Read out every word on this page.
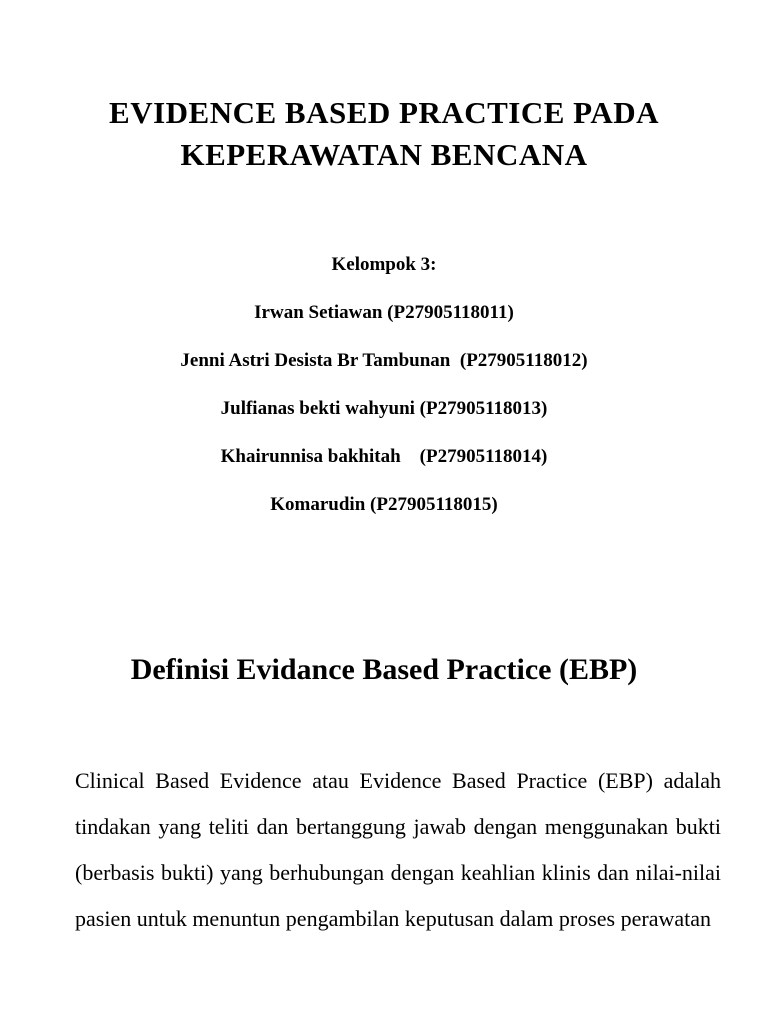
EVIDENCE BASED PRACTICE PADA
KEPERAWATAN BENCANA
Kelompok 3:
Irwan Setiawan (P27905118011)
Jenni Astri Desista Br Tambunan  (P27905118012)
Julfianas bekti wahyuni (P27905118013)
Khairunnisa bakhitah    (P27905118014)
Komarudin (P27905118015)
Definisi Evidance Based Practice (EBP)

Clinical Based Evidence atau Evidence Based Practice (EBP) adalah tindakan yang teliti dan bertanggung jawab dengan menggunakan bukti (berbasis bukti) yang berhubungan dengan keahlian klinis dan nilai-nilai pasien untuk menuntun pengambilan keputusan dalam proses perawatan
